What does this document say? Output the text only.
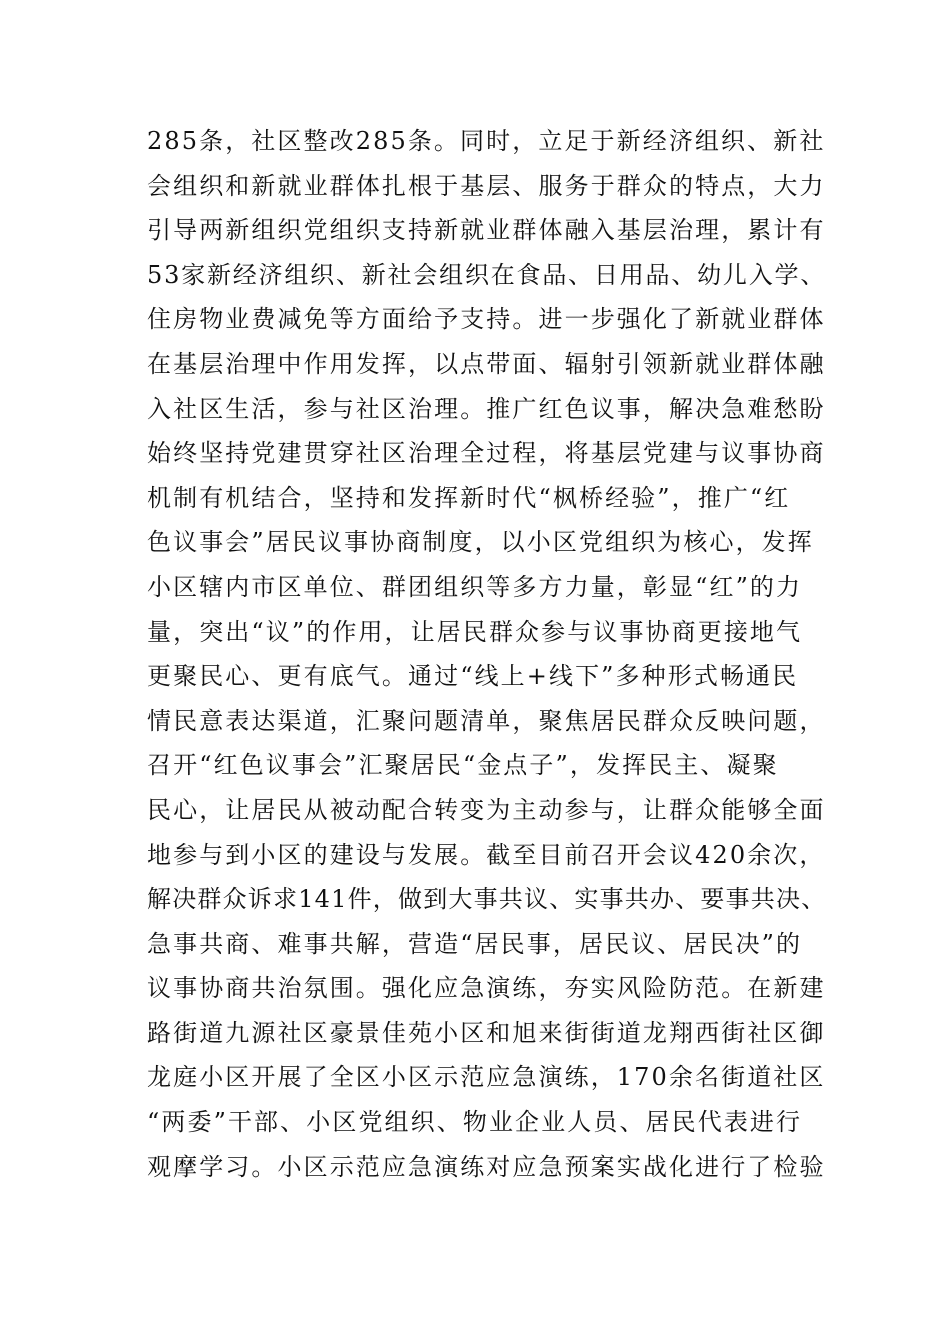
285条，社区整改285条。同时，立足于新经济组织、新社
会组织和新就业群体扎根于基层、服务于群众的特点，大力
引导两新组织党组织支持新就业群体融入基层治理，累计有
53家新经济组织、新社会组织在食品、日用品、幼儿入学、
住房物业费减免等方面给予支持。进一步强化了新就业群体
在基层治理中作用发挥，以点带面、辐射引领新就业群体融
入社区生活，参与社区治理。推广红色议事，解决急难愁盼
始终坚持党建贯穿社区治理全过程，将基层党建与议事协商
机制有机结合，坚持和发挥新时代“枫桥经验”，推广“红
色议事会”居民议事协商制度，以小区党组织为核心，发挥
小区辖内市区单位、群团组织等多方力量，彰显“红”的力
量，突出“议”的作用，让居民群众参与议事协商更接地气
更聚民心、更有底气。通过“线上+线下”多种形式畅通民
情民意表达渠道，汇聚问题清单，聚焦居民群众反映问题，
召开“红色议事会”汇聚居民“金点子”，发挥民主、凝聚
民心，让居民从被动配合转变为主动参与，让群众能够全面
地参与到小区的建设与发展。截至目前召开会议420余次，
解决群众诉求141件，做到大事共议、实事共办、要事共决、
急事共商、难事共解，营造“居民事，居民议、居民决”的
议事协商共治氛围。强化应急演练，夯实风险防范。在新建
路街道九源社区豪景佳苑小区和旭来街街道龙翔西街社区御
龙庭小区开展了全区小区示范应急演练，170余名街道社区
“两委”干部、小区党组织、物业企业人员、居民代表进行
观摩学习。小区示范应急演练对应急预案实战化进行了检验
